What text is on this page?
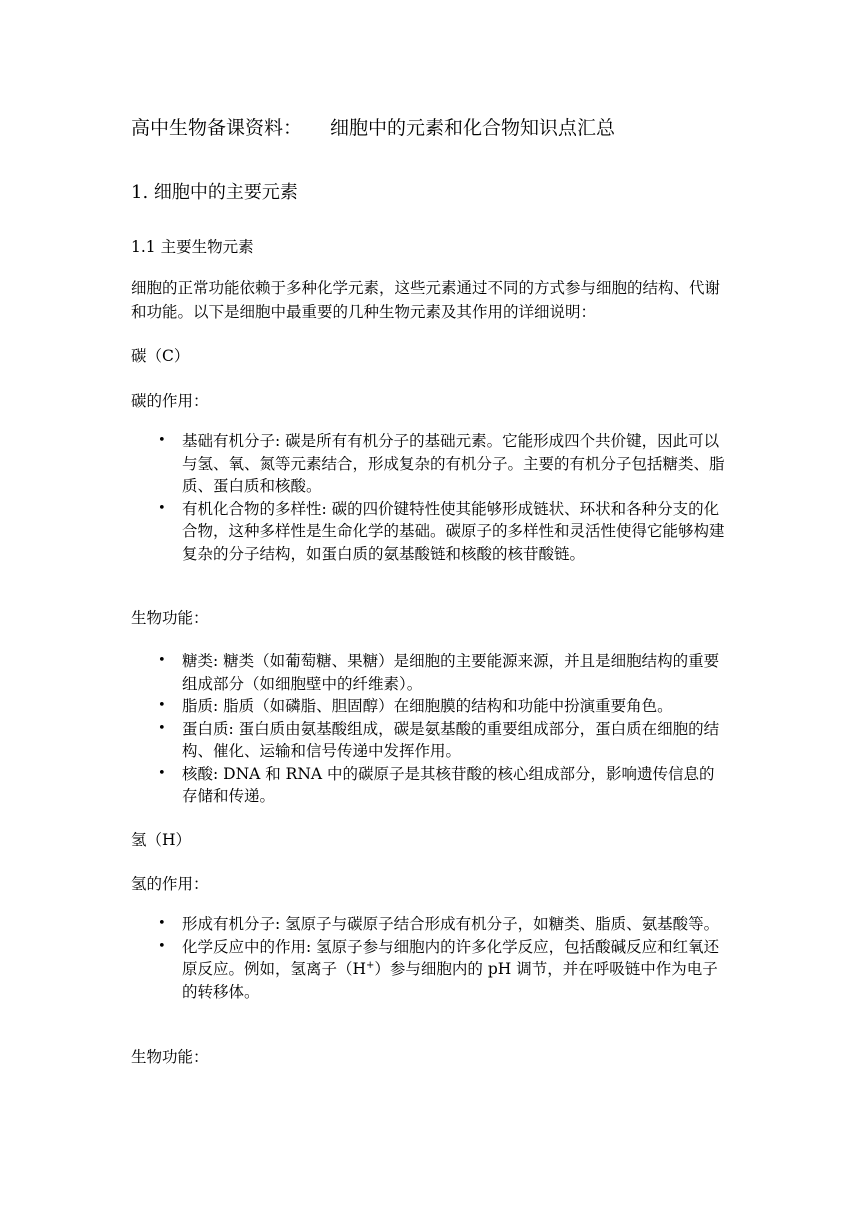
高中生物备课资料： 细胞中的元素和化合物知识点汇总
1. 细胞中的主要元素
1.1 主要生物元素
细胞的正常功能依赖于多种化学元素，这些元素通过不同的方式参与细胞的结构、代谢和功能。以下是细胞中最重要的几种生物元素及其作用的详细说明：
碳（C）
碳的作用：
• 基础有机分子: 碳是所有有机分子的基础元素。它能形成四个共价键，因此可以与氢、氧、氮等元素结合，形成复杂的有机分子。主要的有机分子包括糖类、脂质、蛋白质和核酸。
• 有机化合物的多样性: 碳的四价键特性使其能够形成链状、环状和各种分支的化合物，这种多样性是生命化学的基础。碳原子的多样性和灵活性使得它能够构建复杂的分子结构，如蛋白质的氨基酸链和核酸的核苷酸链。
生物功能：
• 糖类: 糖类（如葡萄糖、果糖）是细胞的主要能源来源，并且是细胞结构的重要组成部分（如细胞壁中的纤维素）。
• 脂质: 脂质（如磷脂、胆固醇）在细胞膜的结构和功能中扮演重要角色。
• 蛋白质: 蛋白质由氨基酸组成，碳是氨基酸的重要组成部分，蛋白质在细胞的结构、催化、运输和信号传递中发挥作用。
• 核酸: DNA 和 RNA 中的碳原子是其核苷酸的核心组成部分，影响遗传信息的存储和传递。
氢（H）
氢的作用：
• 形成有机分子: 氢原子与碳原子结合形成有机分子，如糖类、脂质、氨基酸等。
• 化学反应中的作用: 氢原子参与细胞内的许多化学反应，包括酸碱反应和红氧还原反应。例如，氢离子（H+）参与细胞内的 pH 调节，并在呼吸链中作为电子的转移体。
生物功能：
